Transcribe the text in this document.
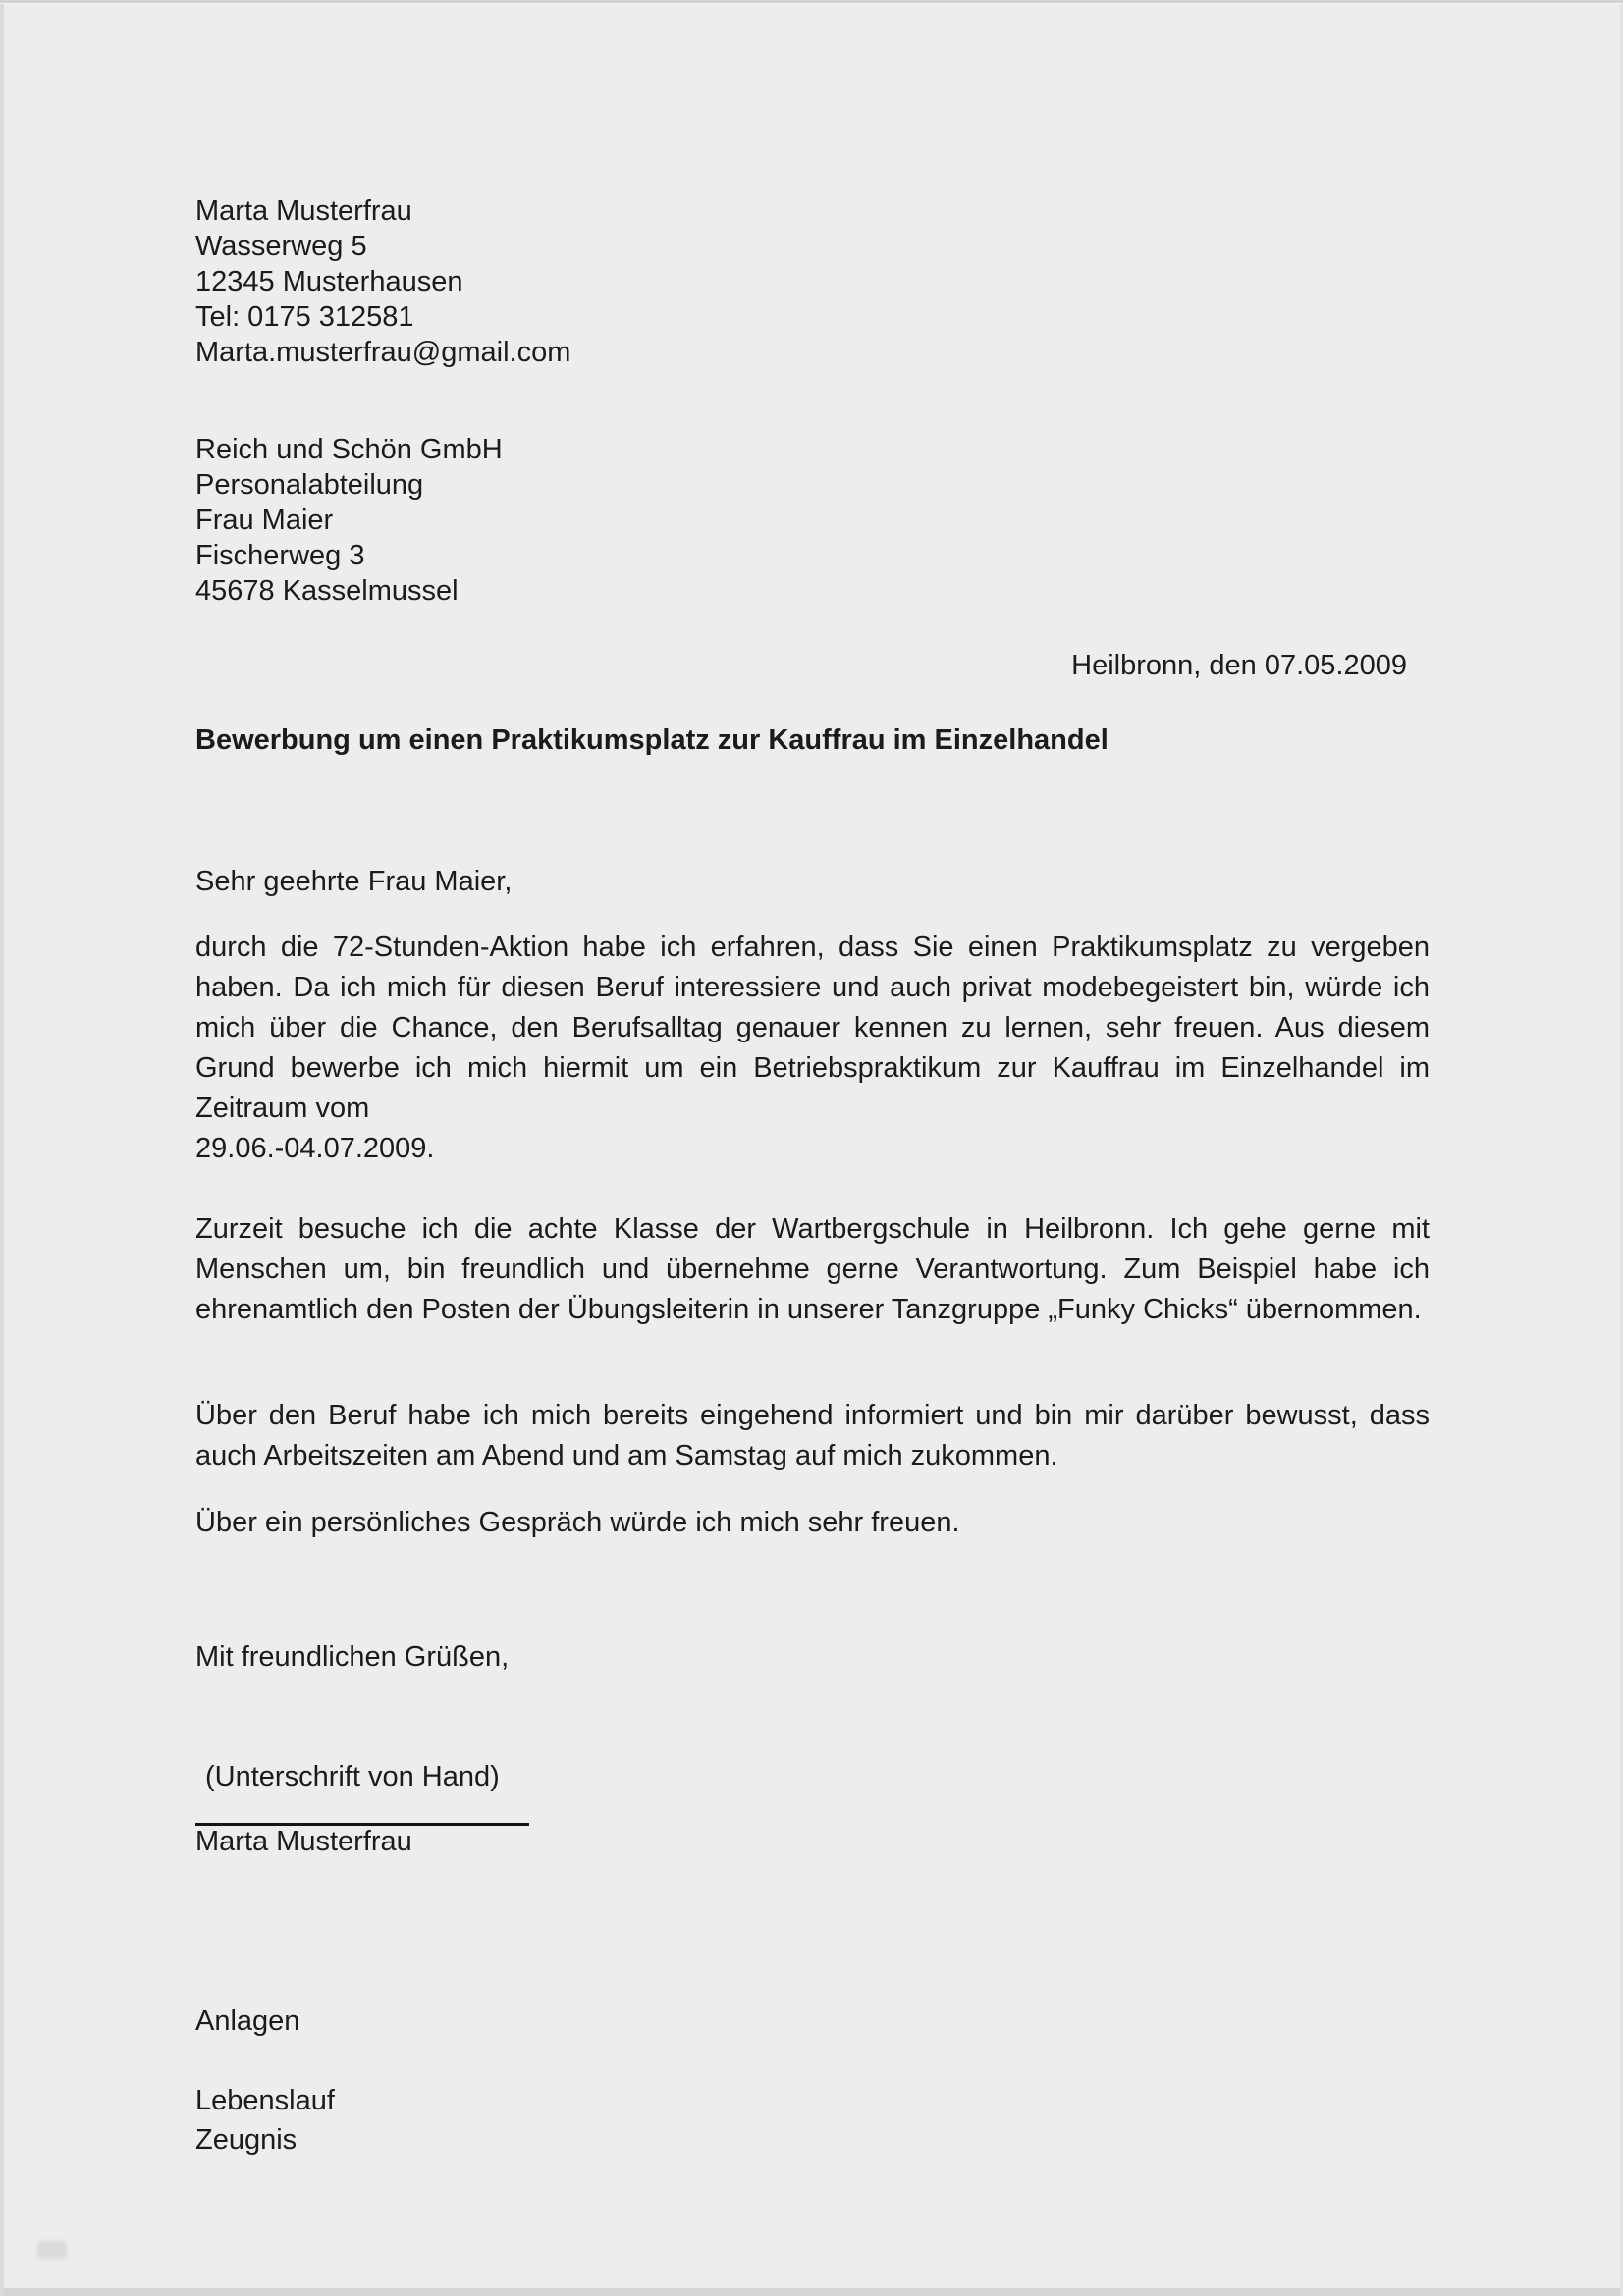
Marta Musterfrau
Wasserweg 5
12345 Musterhausen
Tel: 0175 312581
Marta.musterfrau@gmail.com
Reich und Schön GmbH
Personalabteilung
Frau Maier
Fischerweg 3
45678 Kasselmussel
Heilbronn, den 07.05.2009
Bewerbung um einen Praktikumsplatz zur Kauffrau im Einzelhandel
Sehr geehrte Frau Maier,

durch die 72-Stunden-Aktion habe ich erfahren, dass Sie einen Praktikumsplatz zu vergeben haben. Da ich mich für diesen Beruf interessiere und auch privat modebegeistert bin, würde ich mich über die Chance, den Berufsalltag genauer kennen zu lernen, sehr freuen. Aus diesem Grund bewerbe ich mich hiermit um ein Betriebspraktikum zur Kauffrau im Einzelhandel im Zeitraum vom
29.06.-04.07.2009.

Zurzeit besuche ich die achte Klasse der Wartbergschule in Heilbronn. Ich gehe gerne mit Menschen um, bin freundlich und übernehme gerne Verantwortung. Zum Beispiel habe ich ehrenamtlich den Posten der Übungsleiterin in unserer Tanzgruppe „Funky Chicks“ übernommen.

Über den Beruf habe ich mich bereits eingehend informiert und bin mir darüber bewusst, dass auch Arbeitszeiten am Abend und am Samstag auf mich zukommen.

Über ein persönliches Gespräch würde ich mich sehr freuen.

Mit freundlichen Grüßen,
(Unterschrift von Hand)
Marta Musterfrau
Anlagen
Lebenslauf
Zeugnis
